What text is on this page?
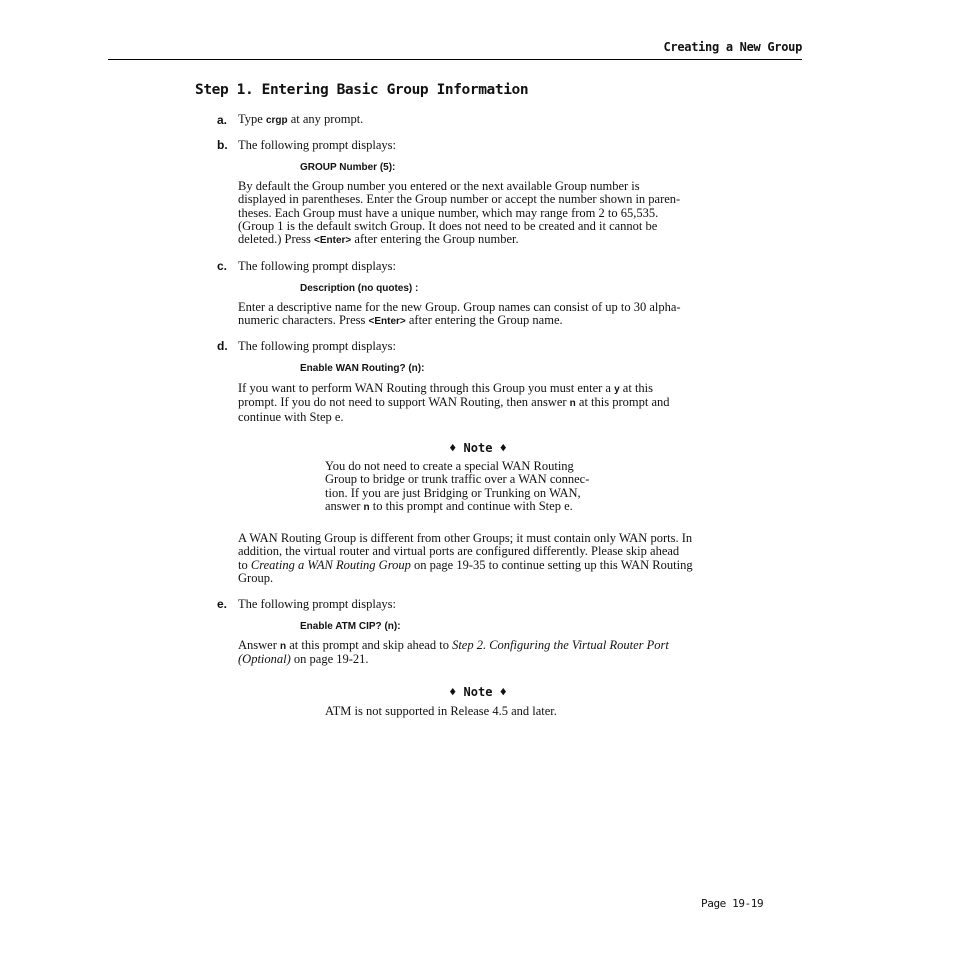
Creating a New Group
Step 1. Entering Basic Group Information
a. Type crgp at any prompt.
b. The following prompt displays:
GROUP Number (5):
By default the Group number you entered or the next available Group number is
displayed in parentheses. Enter the Group number or accept the number shown in paren-
theses. Each Group must have a unique number, which may range from 2 to 65,535.
(Group 1 is the default switch Group. It does not need to be created and it cannot be
deleted.) Press <Enter> after entering the Group number.
c. The following prompt displays:
Description (no quotes) :
Enter a descriptive name for the new Group. Group names can consist of up to 30 alpha-
numeric characters. Press <Enter> after entering the Group name.
d. The following prompt displays:
Enable WAN Routing? (n):
If you want to perform WAN Routing through this Group you must enter a y at this
prompt. If you do not need to support WAN Routing, then answer n at this prompt and
continue with Step e.
♦ Note ♦
You do not need to create a special WAN Routing
Group to bridge or trunk traffic over a WAN connec-
tion. If you are just Bridging or Trunking on WAN,
answer n to this prompt and continue with Step e.
A WAN Routing Group is different from other Groups; it must contain only WAN ports. In
addition, the virtual router and virtual ports are configured differently. Please skip ahead
to Creating a WAN Routing Group on page 19-35 to continue setting up this WAN Routing
Group.
e. The following prompt displays:
Enable ATM CIP? (n):
Answer n at this prompt and skip ahead to Step 2. Configuring the Virtual Router Port
(Optional) on page 19-21.
♦ Note ♦
ATM is not supported in Release 4.5 and later.
Page 19-19
